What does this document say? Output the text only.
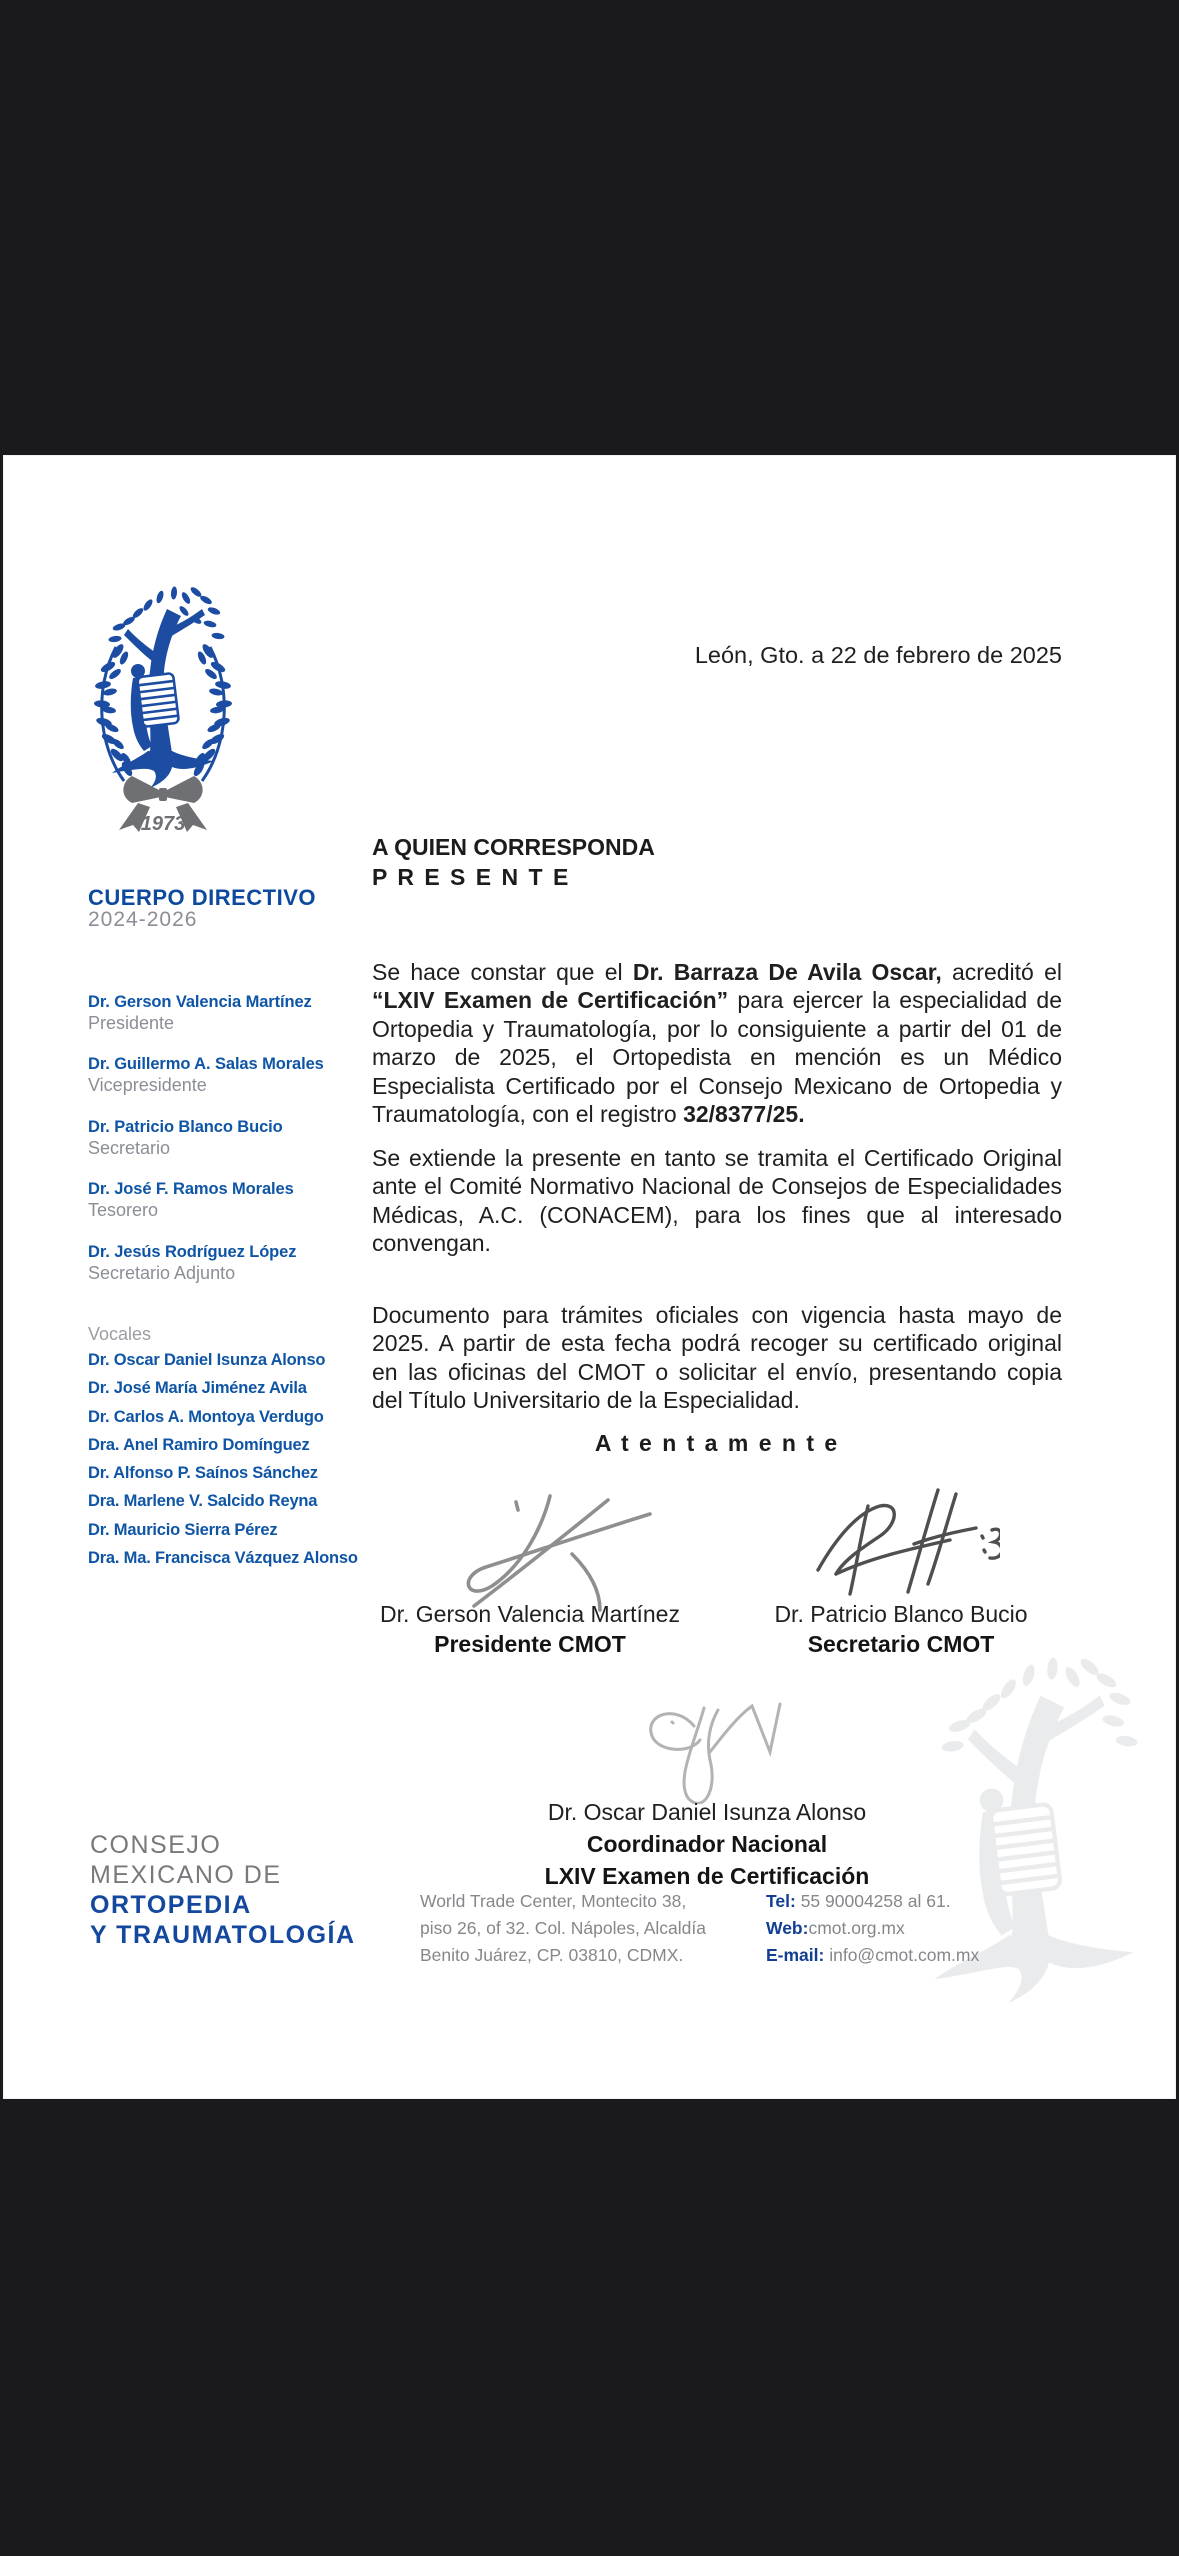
1973
CUERPO DIRECTIVO
2024-2026
Dr. Gerson Valencia Martínez
Presidente
Dr. Guillermo A. Salas Morales
Vicepresidente
Dr. Patricio Blanco Bucio
Secretario
Dr. José F. Ramos Morales
Tesorero
Dr. Jesús Rodríguez López
Secretario Adjunto
Vocales
Dr. Oscar Daniel Isunza Alonso
Dr. José María Jiménez Avila
Dr. Carlos A. Montoya Verdugo
Dra. Anel Ramiro Domínguez
Dr. Alfonso P. Saínos Sánchez
Dra. Marlene V. Salcido Reyna
Dr. Mauricio Sierra Pérez
Dra. Ma. Francisca Vázquez Alonso
León, Gto. a 22 de febrero de 2025
A QUIEN CORRESPONDA
P R E S E N T E
Se hace constar que el Dr. Barraza De Avila Oscar, acreditó el
“LXIV Examen de Certificación” para ejercer la especialidad de
Ortopedia y Traumatología, por lo consiguiente a partir del 01 de
marzo de 2025, el Ortopedista en mención es un Médico
Especialista Certificado por el Consejo Mexicano de Ortopedia y
Traumatología, con el registro 32/8377/25.
Se extiende la presente en tanto se tramita el Certificado Original
ante el Comité Normativo Nacional de Consejos de Especialidades
Médicas, A.C. (CONACEM), para los fines que al interesado
convengan.
Documento para trámites oficiales con vigencia hasta mayo de
2025. A partir de esta fecha podrá recoger su certificado original
en las oficinas del CMOT o solicitar el envío, presentando copia
del Título Universitario de la Especialidad.
A t e n t a m e n t e
Dr. Gerson Valencia Martínez
Presidente CMOT
Dr. Patricio Blanco Bucio
Secretario CMOT
Dr. Oscar Daniel Isunza Alonso
Coordinador Nacional
LXIV Examen de Certificación
CONSEJO
MEXICANO DE
ORTOPEDIA
Y TRAUMATOLOGÍA
World Trade Center, Montecito 38,
piso 26, of 32. Col. Nápoles, Alcaldía
Benito Juárez, CP. 03810, CDMX.
Tel: 55 90004258 al 61.
Web:cmot.org.mx
E-mail: info@cmot.com.mx
